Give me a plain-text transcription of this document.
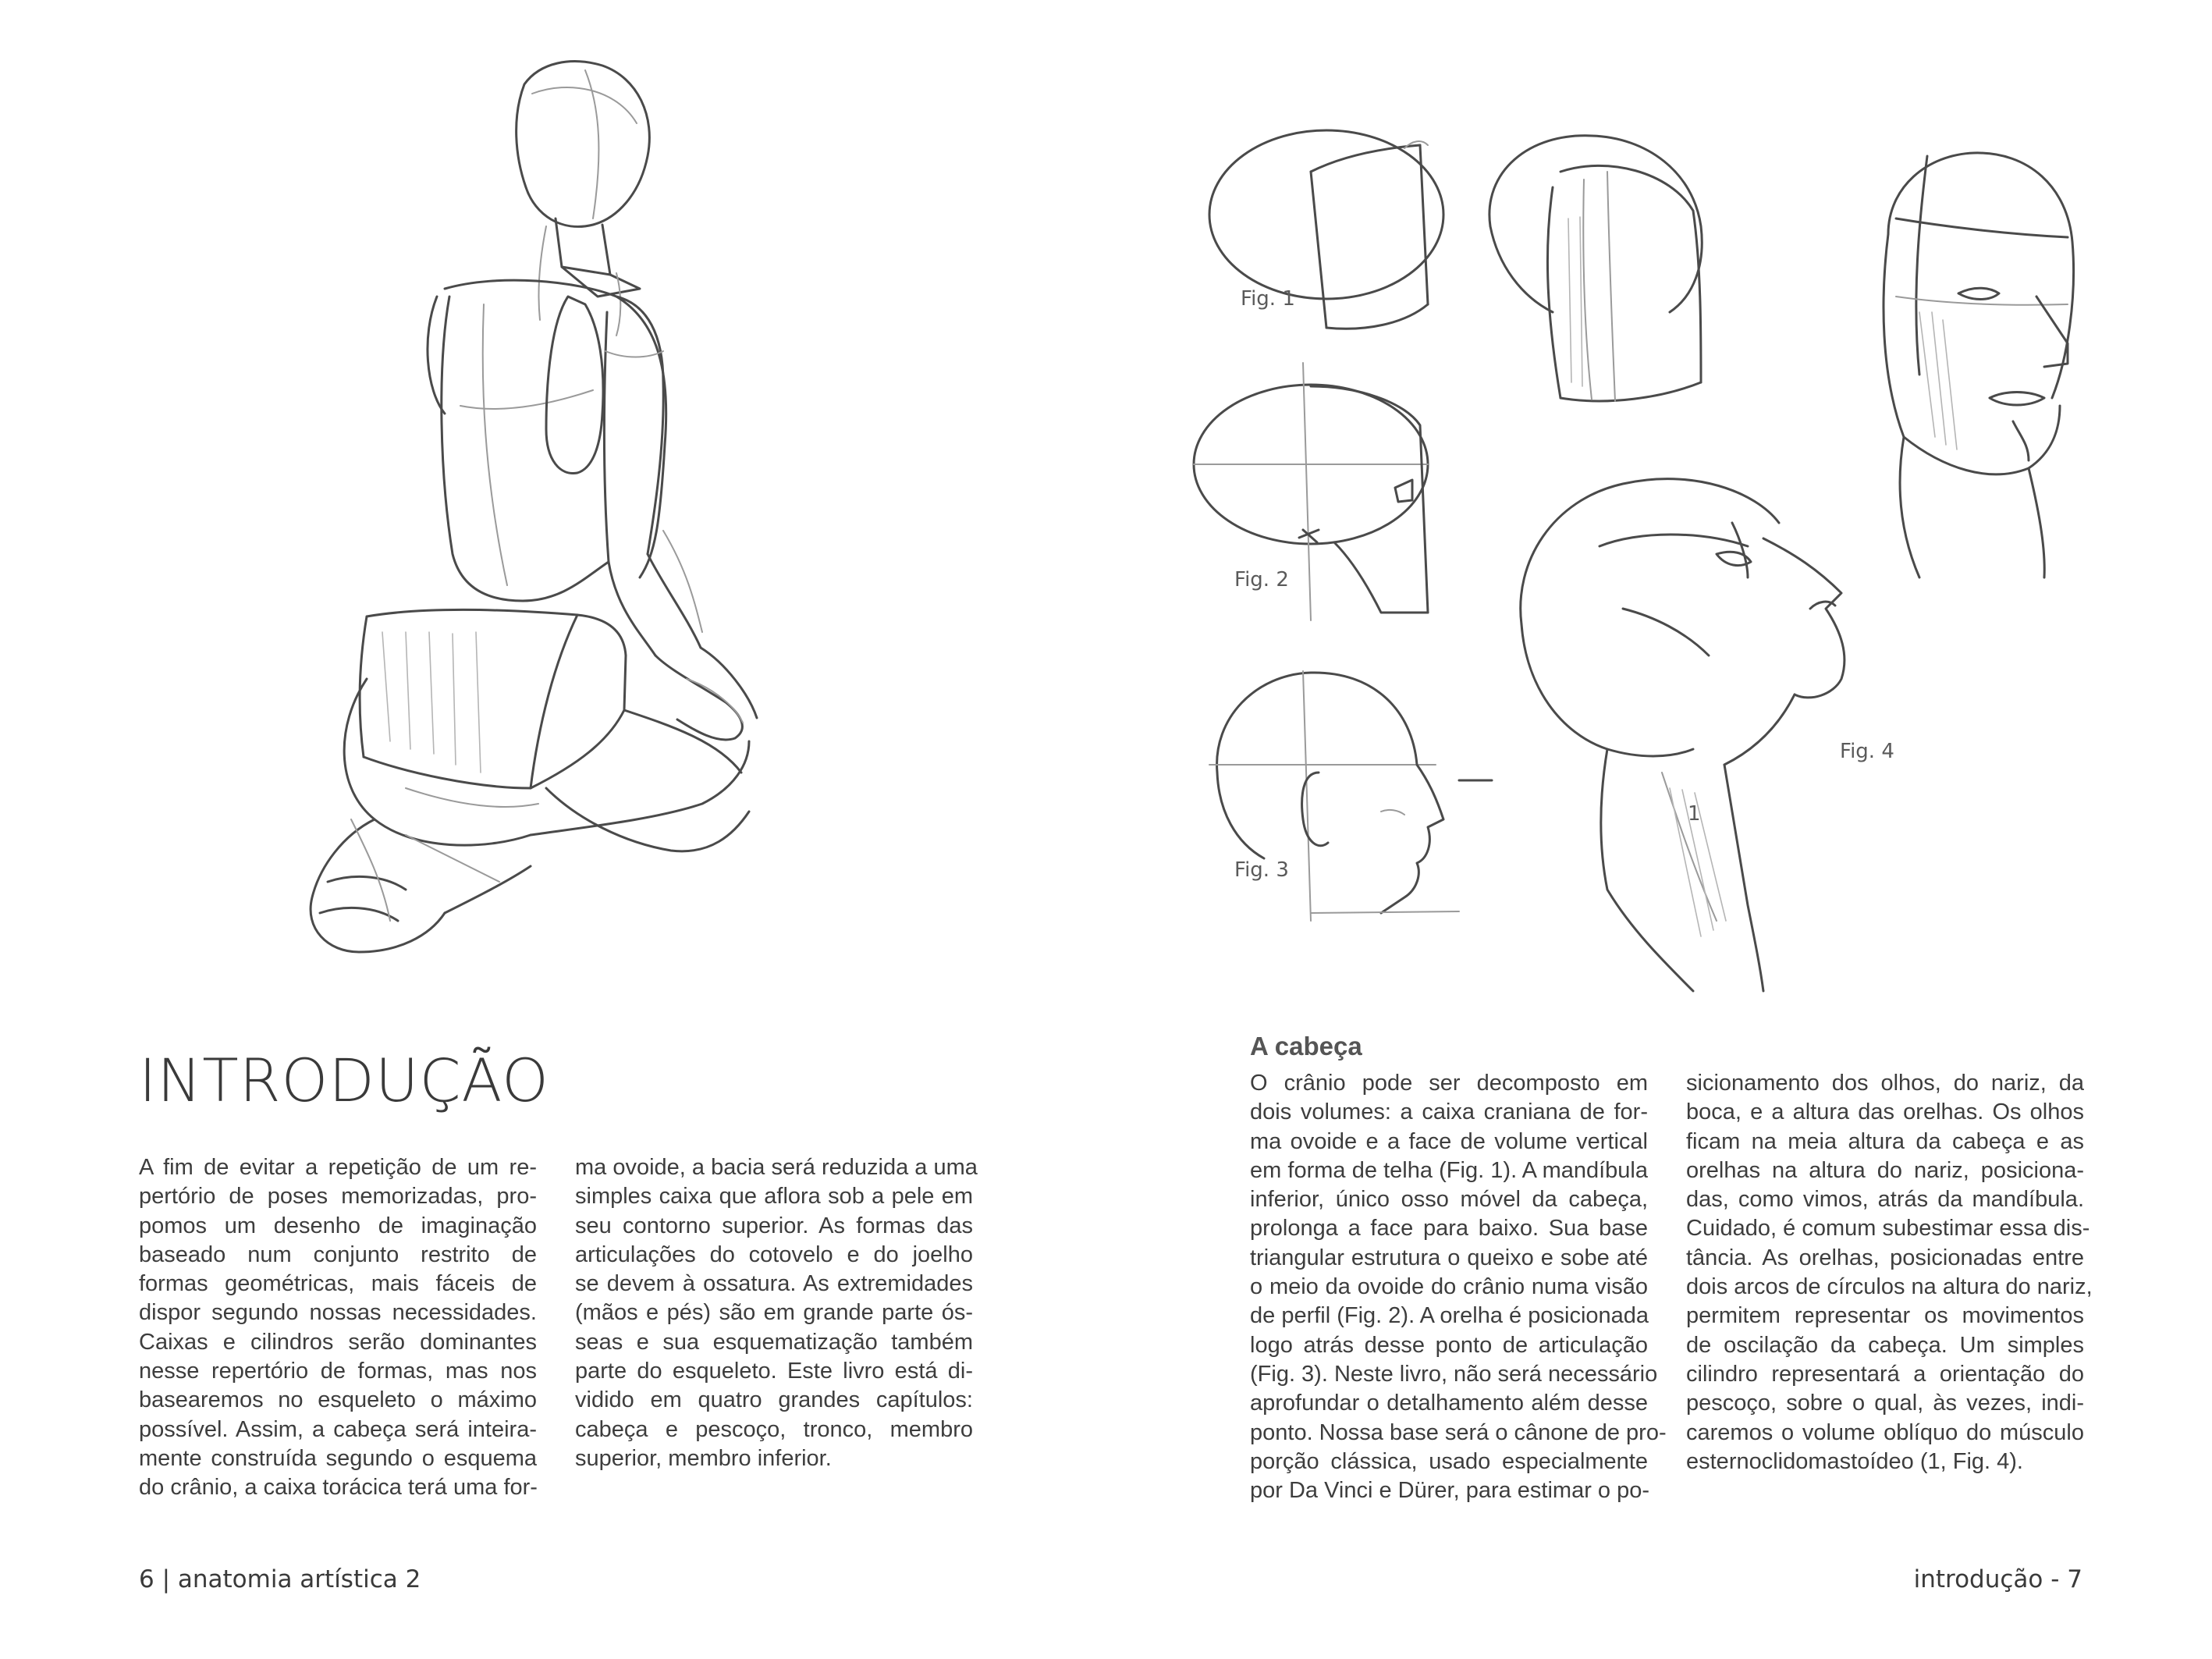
INTRODUÇÃO
A fim de evitar a repetição de um re-
pertório de poses memorizadas, pro-
pomos um desenho de imaginação
baseado num conjunto restrito de
formas geométricas, mais fáceis de
dispor segundo nossas necessidades.
Caixas e cilindros serão dominantes
nesse repertório de formas, mas nos
basearemos no esqueleto o máximo
possível. Assim, a cabeça será inteira-
mente construída segundo o esquema
do crânio, a caixa torácica terá uma for-
ma ovoide, a bacia será reduzida a uma
simples caixa que aflora sob a pele em
seu contorno superior. As formas das
articulações do cotovelo e do joelho
se devem à ossatura. As extremidades
(mãos e pés) são em grande parte ós-
seas e sua esquematização também
parte do esqueleto. Este livro está di-
vidido em quatro grandes capítulos:
cabeça e pescoço, tronco, membro
superior, membro inferior.

6 | anatomia artística 2

Fig. 1
Fig. 2
Fig. 3
Fig. 4
1
A cabeça
O crânio pode ser decomposto em
dois volumes: a caixa craniana de for-
ma ovoide e a face de volume vertical
em forma de telha (Fig. 1). A mandíbula
inferior, único osso móvel da cabeça,
prolonga a face para baixo. Sua base
triangular estrutura o queixo e sobe até
o meio da ovoide do crânio numa visão
de perfil (Fig. 2). A orelha é posicionada
logo atrás desse ponto de articulação
(Fig. 3). Neste livro, não será necessário
aprofundar o detalhamento além desse
ponto. Nossa base será o cânone de pro-
porção clássica, usado especialmente
por Da Vinci e Dürer, para estimar o po-
sicionamento dos olhos, do nariz, da
boca, e a altura das orelhas. Os olhos
ficam na meia altura da cabeça e as
orelhas na altura do nariz, posiciona-
das, como vimos, atrás da mandíbula.
Cuidado, é comum subestimar essa dis-
tância. As orelhas, posicionadas entre
dois arcos de círculos na altura do nariz,
permitem representar os movimentos
de oscilação da cabeça. Um simples
cilindro representará a orientação do
pescoço, sobre o qual, às vezes, indi-
caremos o volume oblíquo do músculo
esternoclidomastoídeo (1, Fig. 4).

introdução - 7
